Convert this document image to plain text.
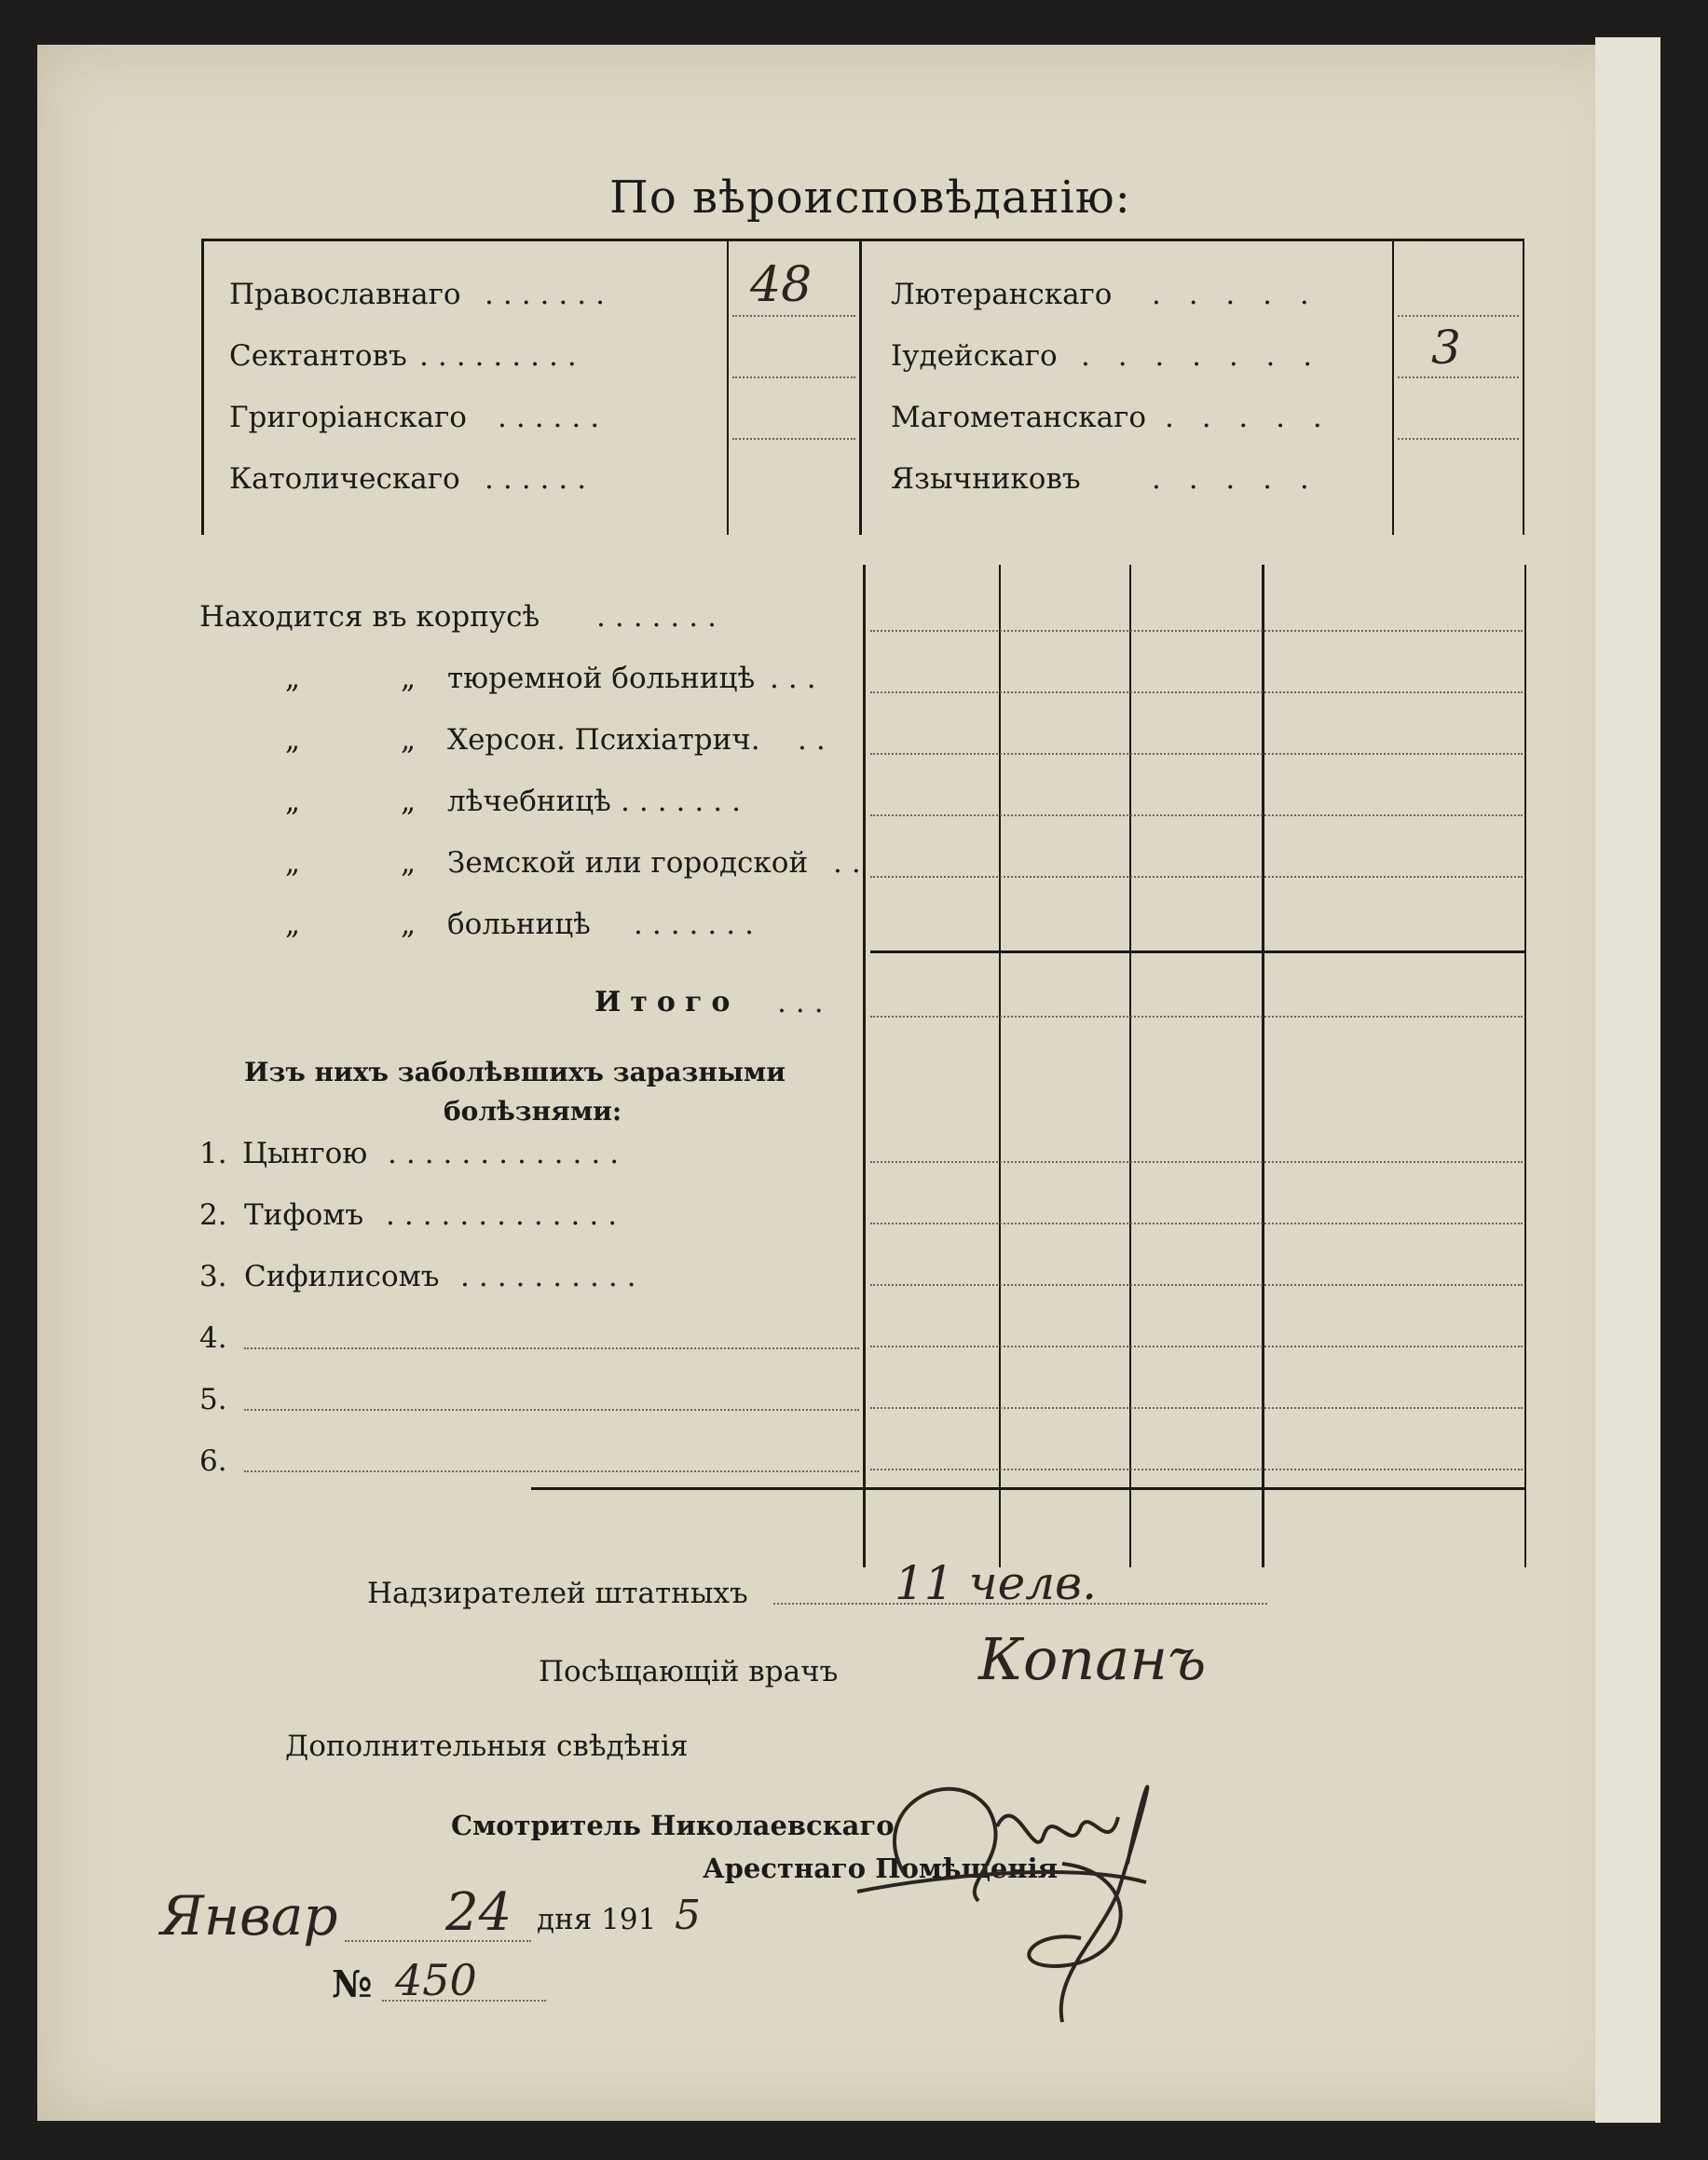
По вѣроисповѣданію:
Православнаго .......	48
Сектантовъ .........
Григоріанскаго ......
Католическаго ......
Лютеранскаго . . . . .
Іудейскаго . . . . . . . 3
Магометанскаго . . . . .
Язычниковъ . . . . .
Находится въ корпусѣ .......
„	„ тюремной больницѣ ...
„	„ Херсон. Психіатрич. ..
„	„ лѣчебницѣ .......
„	„ Земской или городской ..
„	„ больницѣ .......
Итого ...
Изъ нихъ заболѣвшихъ заразными
болѣзнями:
1. Цынгою .............
2. Тифомъ .............
3. Сифилисомъ ..........
4.
5.
6.
Надзирателей штатныхъ	11 челв.
Посѣщающій врачъ Копанъ
Дополнительныя свѣдѣнія
Смотритель Николаевскаго
Арестнаго Помѣщенія
Январ 24 дня 191 5
№ 450
